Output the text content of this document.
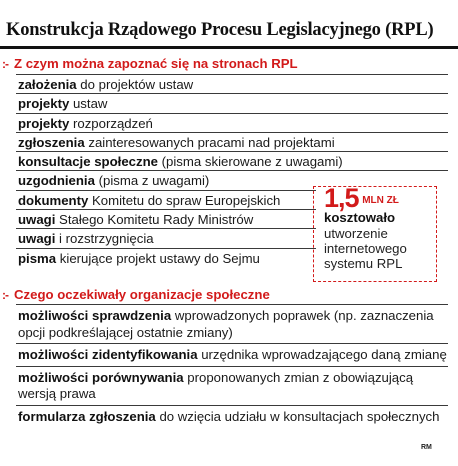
Konstrukcja Rządowego Procesu Legislacyjnego (RPL)
:- Z czym można zapoznać się na stronach RPL
założenia do projektów ustaw
projekty ustaw
projekty rozporządzeń
zgłoszenia zainteresowanych pracami nad projektami
konsultacje społeczne (pisma skierowane z uwagami)
uzgodnienia (pisma z uwagami)
dokumenty Komitetu do spraw Europejskich
uwagi Stałego Komitetu Rady Ministrów
uwagi i rozstrzygnięcia
pisma kierujące projekt ustawy do Sejmu
1,5 $^{MLN ZŁ}$
kosztowało
utworzenie
internetowego
systemu RPL
:- Czego oczekiwały organizacje społeczne
możliwości sprawdzenia wprowadzonych poprawek (np. zaznaczenia opcji podkreślającej ostatnie zmiany)
możliwości zidentyfikowania urzędnika wprowadzającego daną zmianę
możliwości porównywania proponowanych zmian z obowiązującą wersją prawa
formularza zgłoszenia do wzięcia udziału w konsultacjach społecznych
RM
